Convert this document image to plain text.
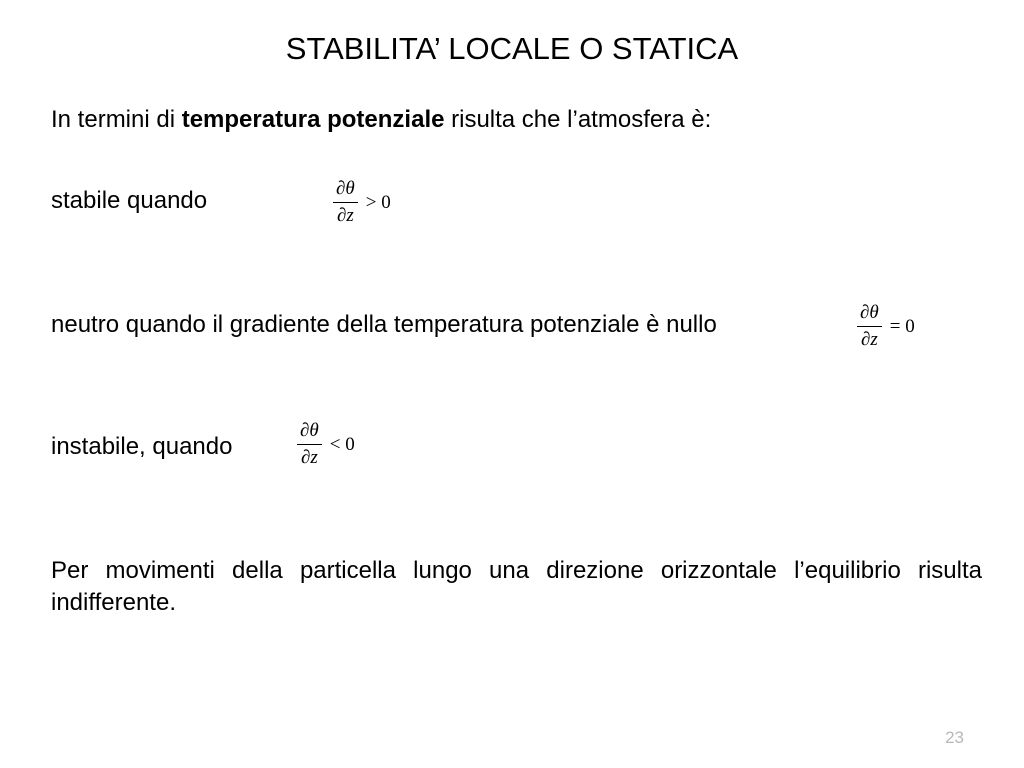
STABILITA’ LOCALE O STATICA
In termini di temperatura potenziale risulta che l’atmosfera è:
stabile quando	$\frac{\partial\theta}{\partial z} > 0$
neutro quando il gradiente della temperatura potenziale è nullo	$\frac{\partial\theta}{\partial z} = 0$
instabile, quando	$\frac{\partial\theta}{\partial z} < 0$
Per movimenti della particella lungo una direzione orizzontale l’equilibrio risulta indifferente.
23
